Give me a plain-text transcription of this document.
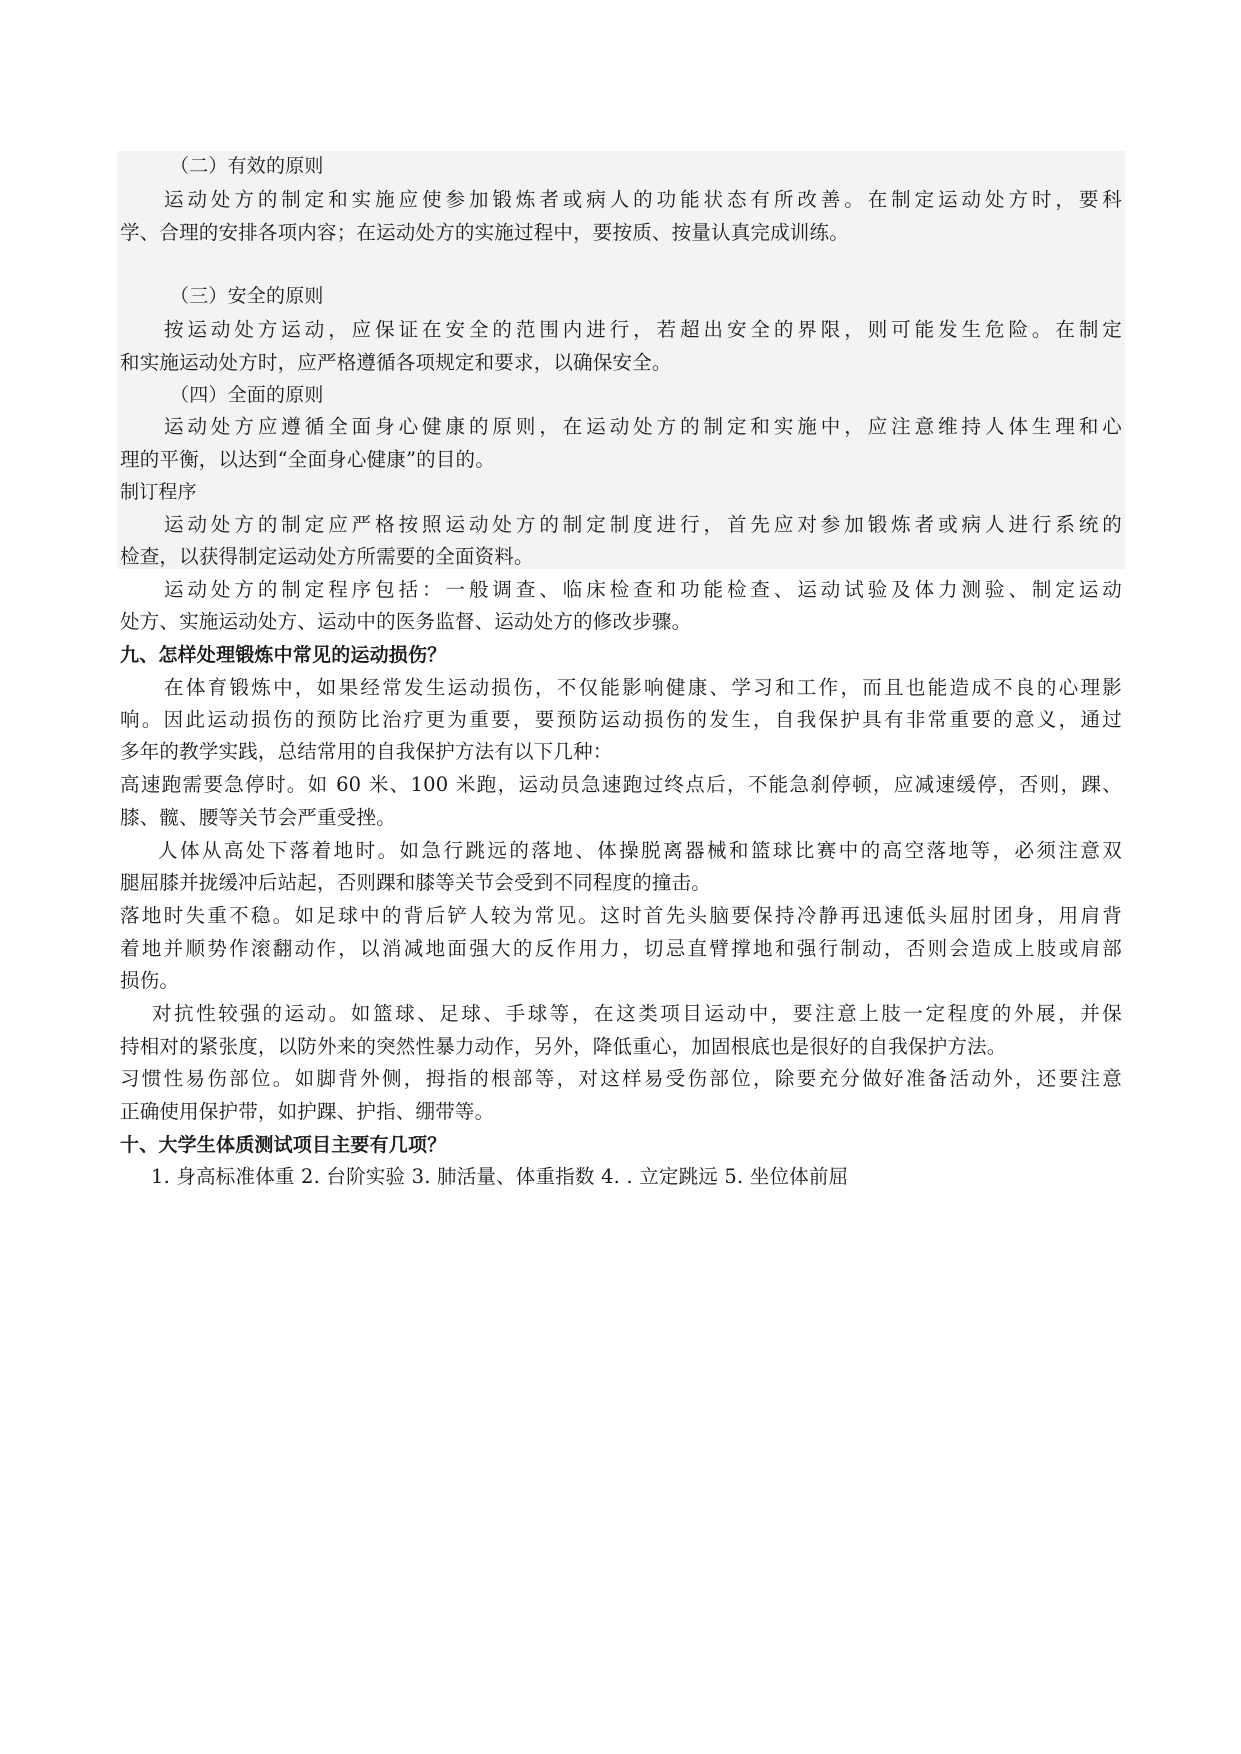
（二）有效的原则
运动处方的制定和实施应使参加锻炼者或病人的功能状态有所改善。在制定运动处方时，要科
学、合理的安排各项内容；在运动处方的实施过程中，要按质、按量认真完成训练。
（三）安全的原则
按运动处方运动，应保证在安全的范围内进行，若超出安全的界限，则可能发生危险。在制定
和实施运动处方时，应严格遵循各项规定和要求，以确保安全。
（四）全面的原则
运动处方应遵循全面身心健康的原则，在运动处方的制定和实施中，应注意维持人体生理和心
理的平衡，以达到“全面身心健康”的目的。
制订程序
运动处方的制定应严格按照运动处方的制定制度进行，首先应对参加锻炼者或病人进行系统的
检查，以获得制定运动处方所需要的全面资料。
运动处方的制定程序包括：一般调查、临床检查和功能检查、运动试验及体力测验、制定运动
处方、实施运动处方、运动中的医务监督、运动处方的修改步骤。
九、怎样处理锻炼中常见的运动损伤？
在体育锻炼中，如果经常发生运动损伤，不仅能影响健康、学习和工作，而且也能造成不良的心理影
响。因此运动损伤的预防比治疗更为重要，要预防运动损伤的发生，自我保护具有非常重要的意义，通过
多年的教学实践，总结常用的自我保护方法有以下几种：
高速跑需要急停时。如 60 米、100 米跑，运动员急速跑过终点后，不能急刹停顿，应减速缓停，否则，踝、
膝、髋、腰等关节会严重受挫。
人体从高处下落着地时。如急行跳远的落地、体操脱离器械和篮球比赛中的高空落地等，必须注意双
腿屈膝并拢缓冲后站起，否则踝和膝等关节会受到不同程度的撞击。
落地时失重不稳。如足球中的背后铲人较为常见。这时首先头脑要保持冷静再迅速低头屈肘团身，用肩背
着地并顺势作滚翻动作，以消减地面强大的反作用力，切忌直臂撑地和强行制动，否则会造成上肢或肩部
损伤。
对抗性较强的运动。如篮球、足球、手球等，在这类项目运动中，要注意上肢一定程度的外展，并保
持相对的紧张度，以防外来的突然性暴力动作，另外，降低重心，加固根底也是很好的自我保护方法。
习惯性易伤部位。如脚背外侧，拇指的根部等，对这样易受伤部位，除要充分做好准备活动外，还要注意
正确使用保护带，如护踝、护指、绷带等。
十、大学生体质测试项目主要有几项？
1. 身高标准体重 2. 台阶实验 3. 肺活量、体重指数 4. . 立定跳远 5. 坐位体前屈
